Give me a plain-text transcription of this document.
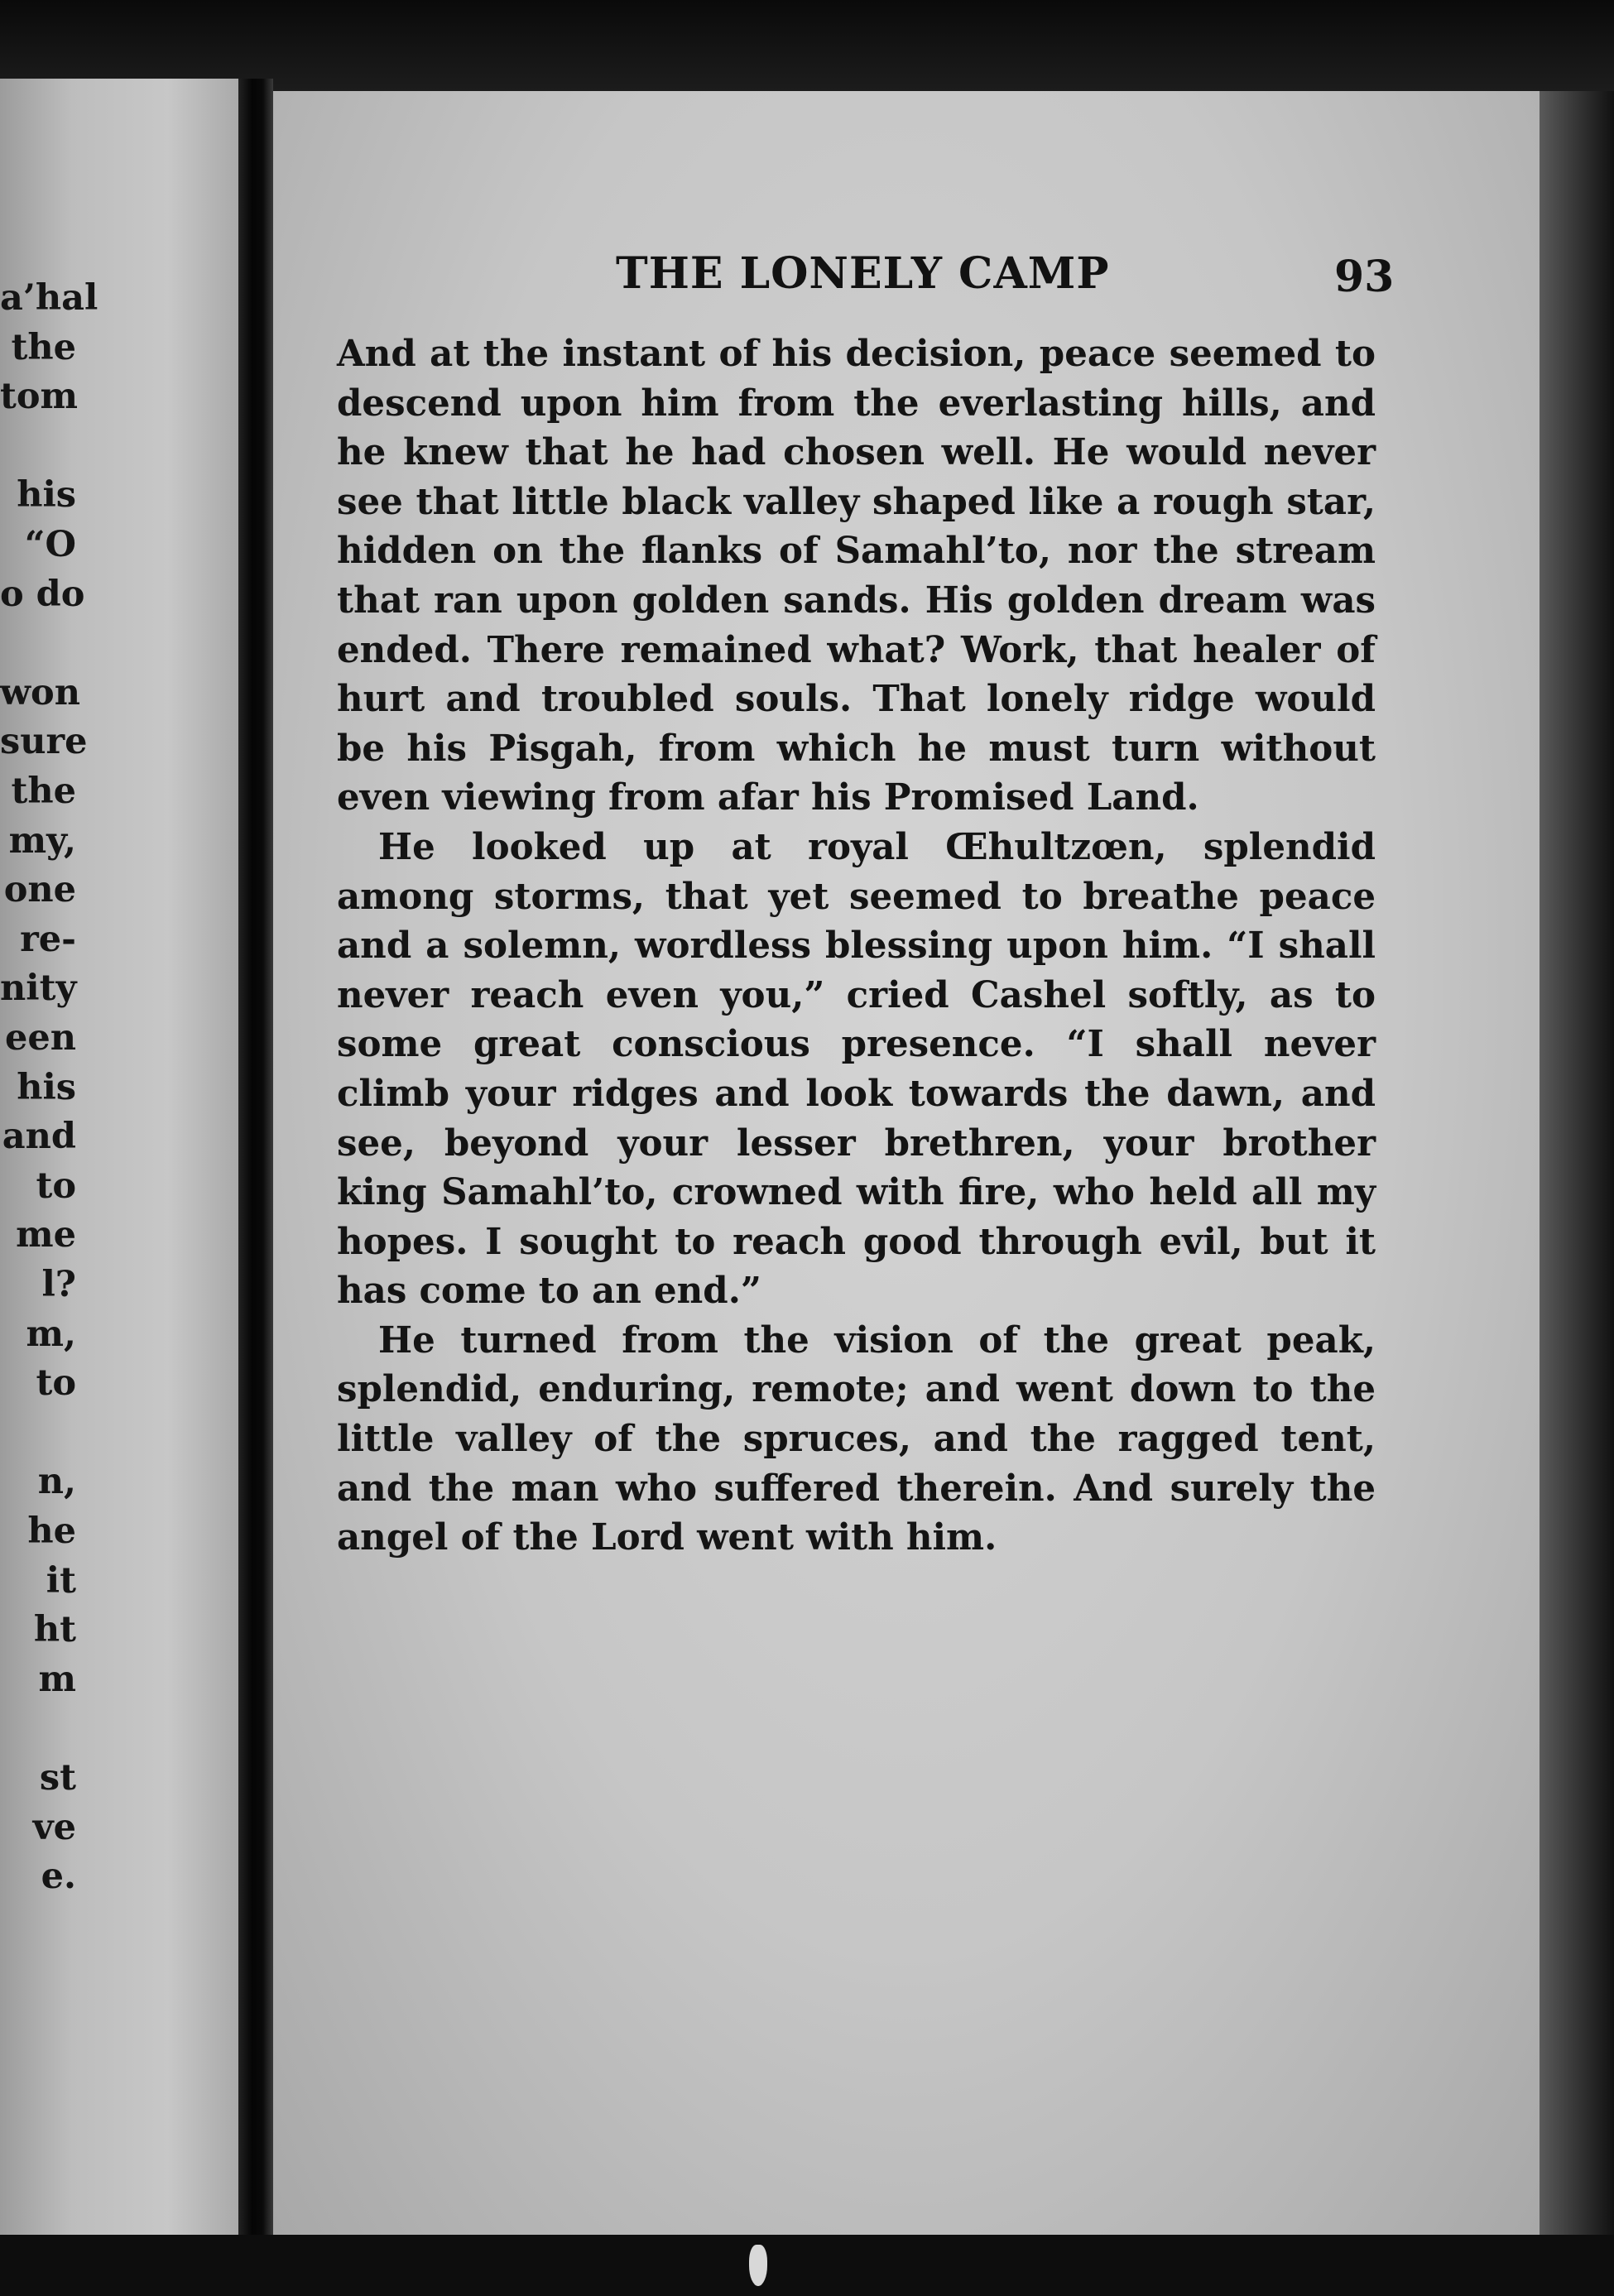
a’hal
the
tom
his
“O
o do
won
sure
the
my,
one
re-
nity
een
his
and
to
me
l?
m,
to
n,
he
it
ht
m
st
ve
e.
THE LONELY CAMP	93

And at the instant of his decision, peace seemed to descend upon him from the everlasting hills, and he knew that he had chosen well. He would never see that little black valley shaped like a rough star, hidden on the flanks of Samahl’to, nor the stream that ran upon golden sands. His golden dream was ended. There remained what? Work, that healer of hurt and troubled souls. That lonely ridge would be his Pisgah, from which he must turn without even viewing from afar his Promised Land.

He looked up at royal Œhultzœn, splendid among storms, that yet seemed to breathe peace and a solemn, wordless blessing upon him. “I shall never reach even you,” cried Cashel softly, as to some great conscious presence. “I shall never climb your ridges and look towards the dawn, and see, beyond your lesser brethren, your brother king Samahl’to, crowned with fire, who held all my hopes. I sought to reach good through evil, but it has come to an end.”

He turned from the vision of the great peak, splendid, enduring, remote; and went down to the little valley of the spruces, and the ragged tent, and the man who suffered therein. And surely the angel of the Lord went with him.
